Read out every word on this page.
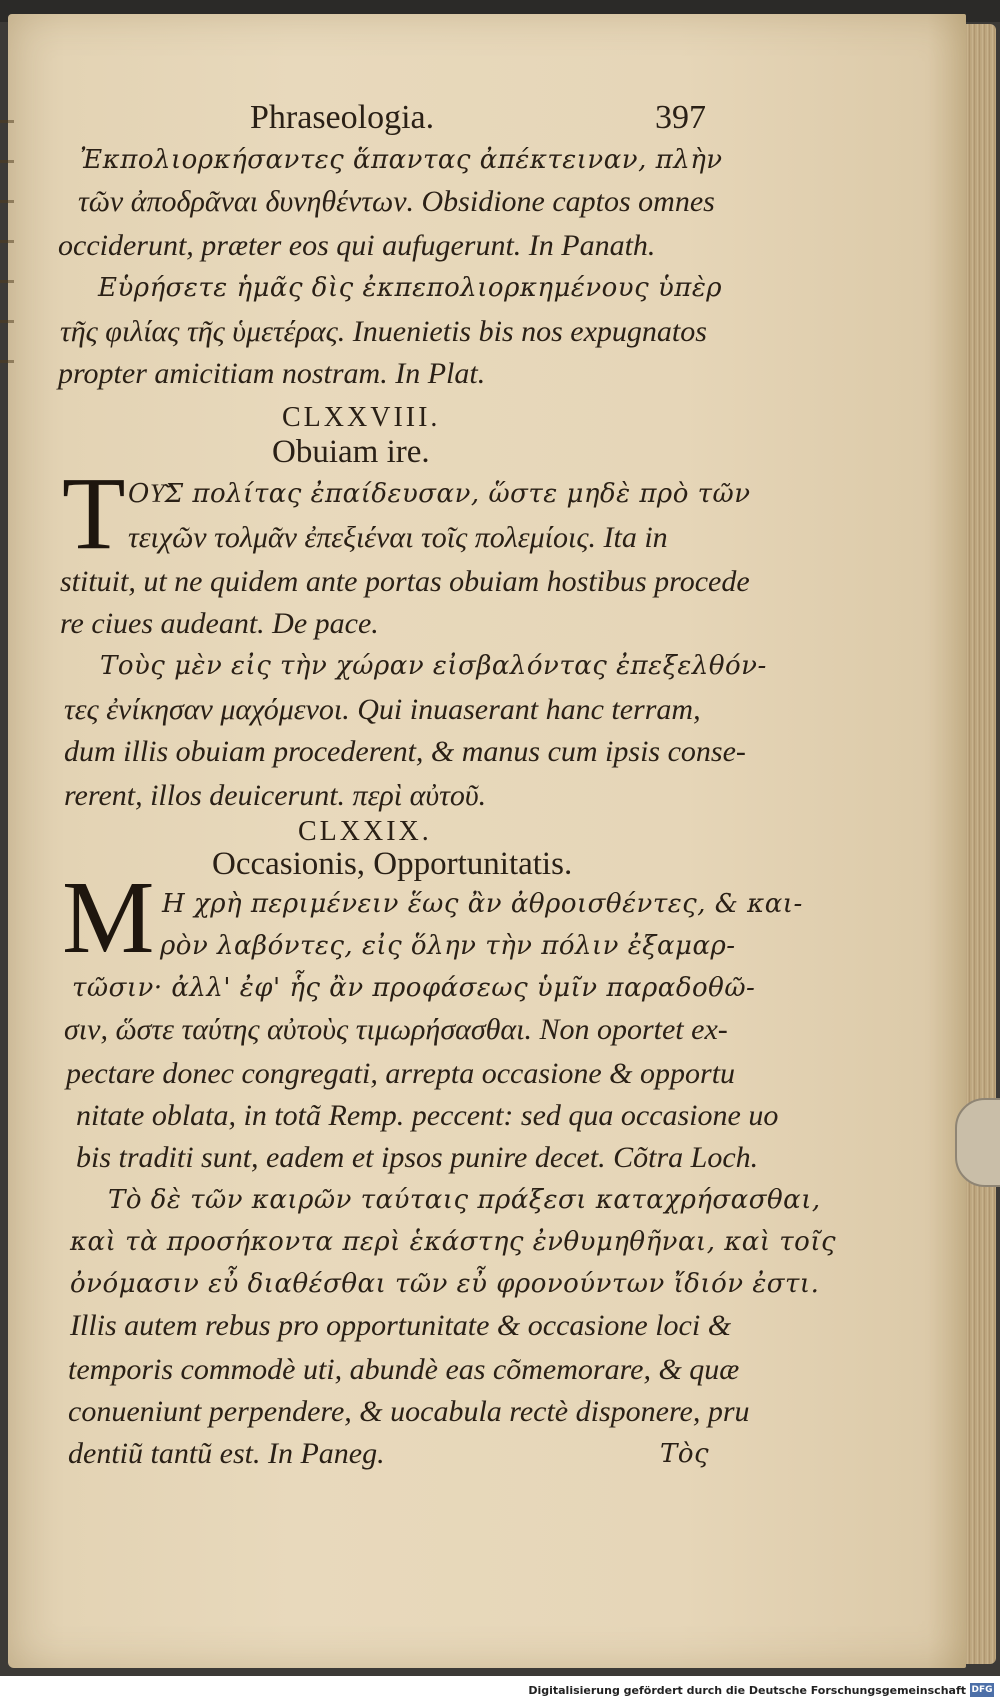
Phraseologia.	397
Ἐκπολιορκήσαντες ἅπαντας ἀπέκτειναν, πλὴν
τῶν ἀποδρᾶναι δυνηθέντων. Obsidione captos omnes
occiderunt, præter eos qui aufugerunt. In Panath.
Εὑρήσετε ἡμᾶς δὶς ἐκπεπολιορκημένους ὑπὲρ
τῆς φιλίας τῆς ὑμετέρας. Inuenietis bis nos expugnatos
propter amicitiam nostram. In Plat.
CLXXVIII.
Obuiam ire.
T ΟΥ͂Σ πολίτας ἐπαίδευσαν, ὥστε μηδὲ πρὸ τῶν
τειχῶν τολμᾶν ἐπεξιέναι τοῖς πολεμίοις. Ita in
stituit, ut ne quidem ante portas obuiam hostibus procede
re ciues audeant. De pace.
Τοὺς μὲν εἰς τὴν χώραν εἰσβαλόντας ἐπεξελθόν-
τες ἐνίκησαν μαχόμενοι. Qui inuaserant hanc terram,
dum illis obuiam procederent, & manus cum ipsis conse-
rerent, illos deuicerunt. περὶ αὐτοῦ.
CLXXIX.
Occasionis, Opportunitatis.
M Η χρὴ περιμένειν ἕως ἂν ἀθροισθέντες, & και-
ρὸν λαβόντες, εἰς ὅλην τὴν πόλιν ἐξαμαρ-
τῶσιν· ἀλλ' ἐφ' ἧς ἂν προφάσεως ὑμῖν παραδοθῶ-
σιν, ὥστε ταύτης αὐτοὺς τιμωρήσασθαι. Non oportet ex-
pectare donec congregati, arrepta occasione & opportu
nitate oblata, in totã Remp. peccent: sed qua occasione uo
bis traditi sunt, eadem et ipsos punire decet. Cõtra Loch.
Τὸ δὲ τῶν καιρῶν ταύταις πράξεσι καταχρήσασθαι,
καὶ τὰ προσήκοντα περὶ ἑκάστης ἐνθυμηθῆναι, καὶ τοῖς
ὀνόμασιν εὖ διαθέσθαι τῶν εὖ φρονούντων ἴδιόν ἐστι.
Illis autem rebus pro opportunitate & occasione loci &
temporis commodè uti, abundè eas cõmemorare, & quæ
conueniunt perpendere, & uocabula rectè disponere, pru
dentiũ tantũ est. In Paneg.	Τὸς
Digitalisierung gefördert durch die Deutsche Forschungsgemeinschaft DFG
